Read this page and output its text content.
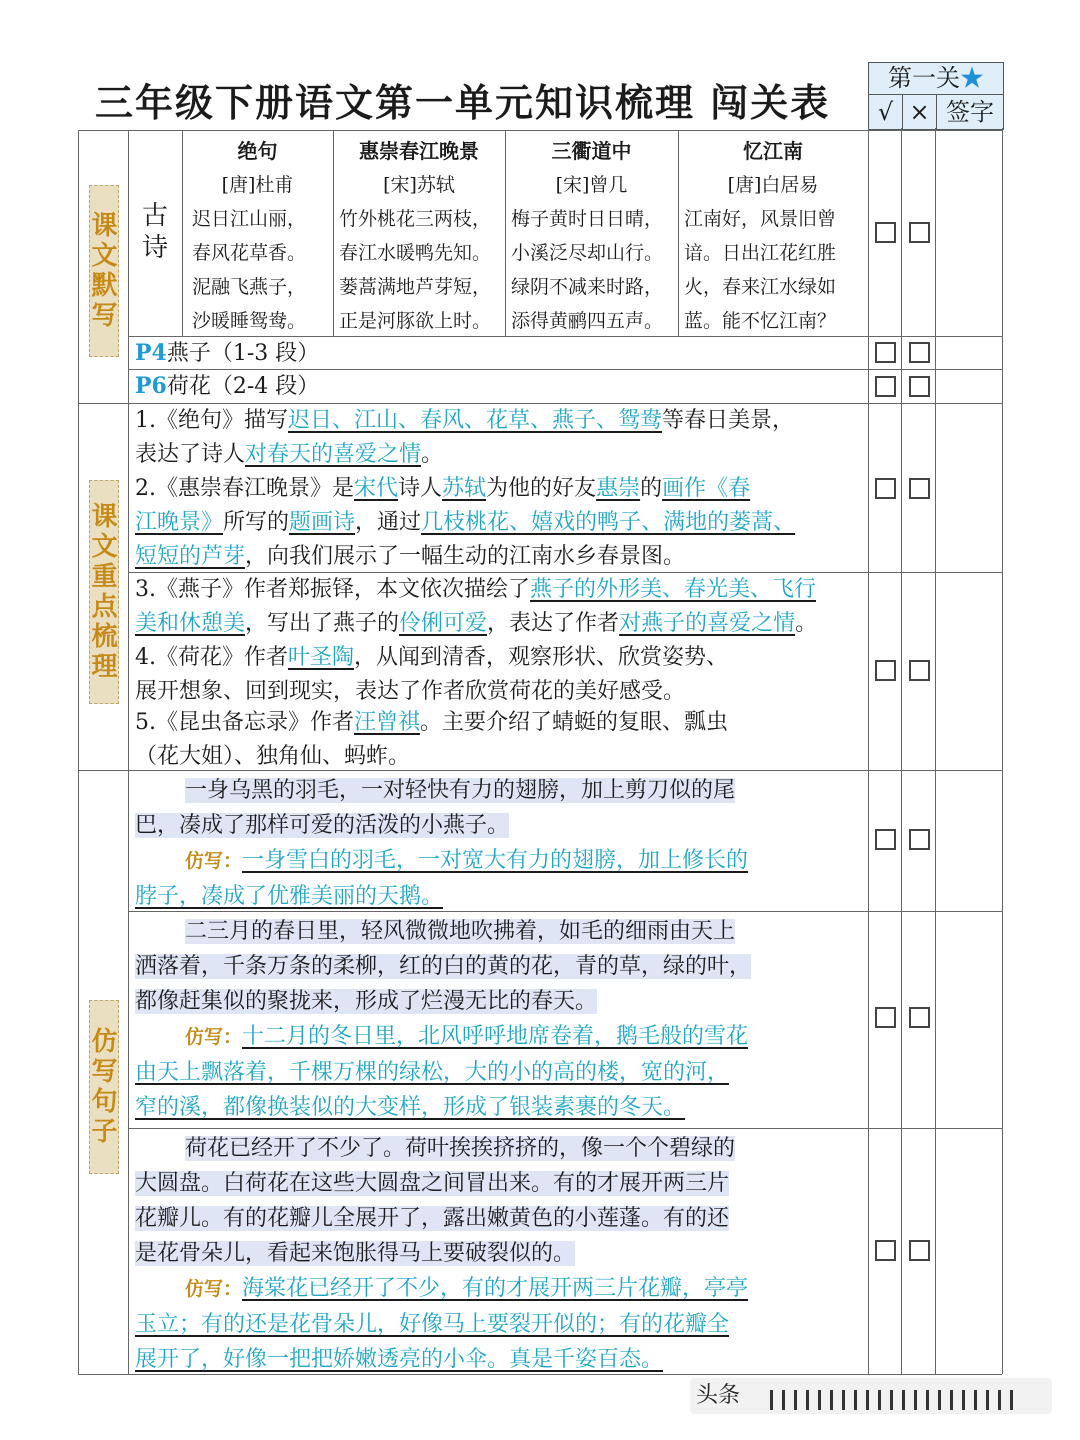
三年级下册语文第一单元知识梳理 闯关表
第一关★
√ × 签字
课文默写 古诗
绝句
[唐]杜甫
迟日江山丽，
春风花草香。
泥融飞燕子，
沙暖睡鸳鸯。
惠崇春江晚景
[宋]苏轼
竹外桃花三两枝，
春江水暖鸭先知。
蒌蒿满地芦芽短，
正是河豚欲上时。
三衢道中
[宋]曾几
梅子黄时日日晴，
小溪泛尽却山行。
绿阴不减来时路，
添得黄鹂四五声。
忆江南
[唐]白居易
江南好，风景旧曾
谙。日出江花红胜
火，春来江水绿如
蓝。能不忆江南？
P4燕子（1-3 段）
P6荷花（2-4 段）
课文重点梳理
1.《绝句》描写迟日、江山、春风、花草、燕子、鸳鸯等春日美景，
表达了诗人对春天的喜爱之情。
2.《惠崇春江晚景》是宋代诗人苏轼为他的好友惠崇的画作《春
江晚景》所写的题画诗，通过几枝桃花、嬉戏的鸭子、满地的蒌蒿、
短短的芦芽，向我们展示了一幅生动的江南水乡春景图。
3.《燕子》作者郑振铎，本文依次描绘了燕子的外形美、春光美、飞行
美和休憩美，写出了燕子的伶俐可爱，表达了作者对燕子的喜爱之情。
4.《荷花》作者叶圣陶，从闻到清香，观察形状、欣赏姿势、
展开想象、回到现实，表达了作者欣赏荷花的美好感受。
5.《昆虫备忘录》作者汪曾祺。主要介绍了蜻蜓的复眼、瓢虫
（花大姐）、独角仙、蚂蚱。
仿写句子
一身乌黑的羽毛，一对轻快有力的翅膀，加上剪刀似的尾
巴，凑成了那样可爱的活泼的小燕子。
仿写：一身雪白的羽毛，一对宽大有力的翅膀，加上修长的
脖子，凑成了优雅美丽的天鹅。
二三月的春日里，轻风微微地吹拂着，如毛的细雨由天上
洒落着，千条万条的柔柳，红的白的黄的花，青的草，绿的叶，
都像赶集似的聚拢来，形成了烂漫无比的春天。
仿写：十二月的冬日里，北风呼呼地席卷着，鹅毛般的雪花
由天上飘落着，千棵万棵的绿松，大的小的高的楼，宽的河，
窄的溪，都像换装似的大变样，形成了银装素裹的冬天。
荷花已经开了不少了。荷叶挨挨挤挤的，像一个个碧绿的
大圆盘。白荷花在这些大圆盘之间冒出来。有的才展开两三片
花瓣儿。有的花瓣儿全展开了，露出嫩黄色的小莲蓬。有的还
是花骨朵儿，看起来饱胀得马上要破裂似的。
仿写：海棠花已经开了不少，有的才展开两三片花瓣，亭亭
玉立；有的还是花骨朵儿，好像马上要裂开似的；有的花瓣全
展开了，好像一把把娇嫩透亮的小伞。真是千姿百态。
头条
